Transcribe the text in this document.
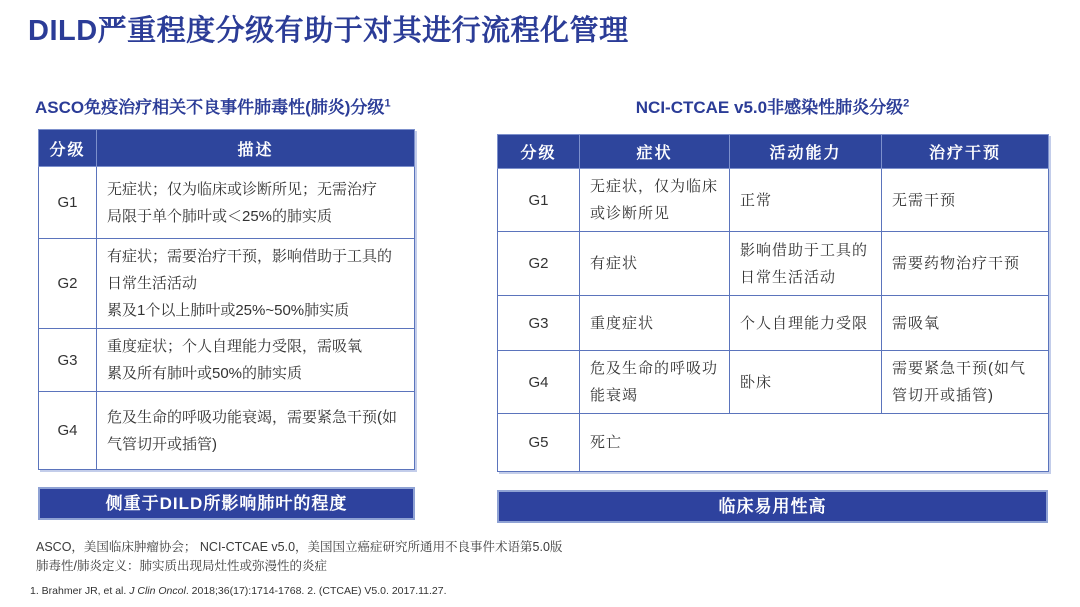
DILD严重程度分级有助于对其进行流程化管理
ASCO免疫治疗相关不良事件肺毒性(肺炎)分级$^1$
分级	描述
G1	无症状；仅为临床或诊断所见；无需治疗
局限于单个肺叶或＜25%的肺实质

G2	有症状；需要治疗干预，影响借助于工具的日常生活活动
累及1个以上肺叶或25%~50%肺实质

G3	重度症状；个人自理能力受限，需吸氧
累及所有肺叶或50%的肺实质

G4	危及生命的呼吸功能衰竭，需要紧急干预(如气管切开或插管)
侧重于DILD所影响肺叶的程度
NCI-CTCAE v5.0非感染性肺炎分级$^2$
分级	症状	活动能力	治疗干预
G1	无症状，仅为临床或诊断所见	正常	无需干预
G2	有症状	影响借助于工具的日常生活活动	需要药物治疗干预
G3	重度症状	个人自理能力受限	需吸氧
G4	危及生命的呼吸功能衰竭	卧床	需要紧急干预(如气管切开或插管)
G5	死亡		
临床易用性高
ASCO，美国临床肿瘤协会； NCI-CTCAE v5.0，美国国立癌症研究所通用不良事件术语第5.0版
肺毒性/肺炎定义：肺实质出现局灶性或弥漫性的炎症
1. Brahmer JR, et al. J Clin Oncol. 2018;36(17):1714-1768. 2. (CTCAE) V5.0. 2017.11.27.
